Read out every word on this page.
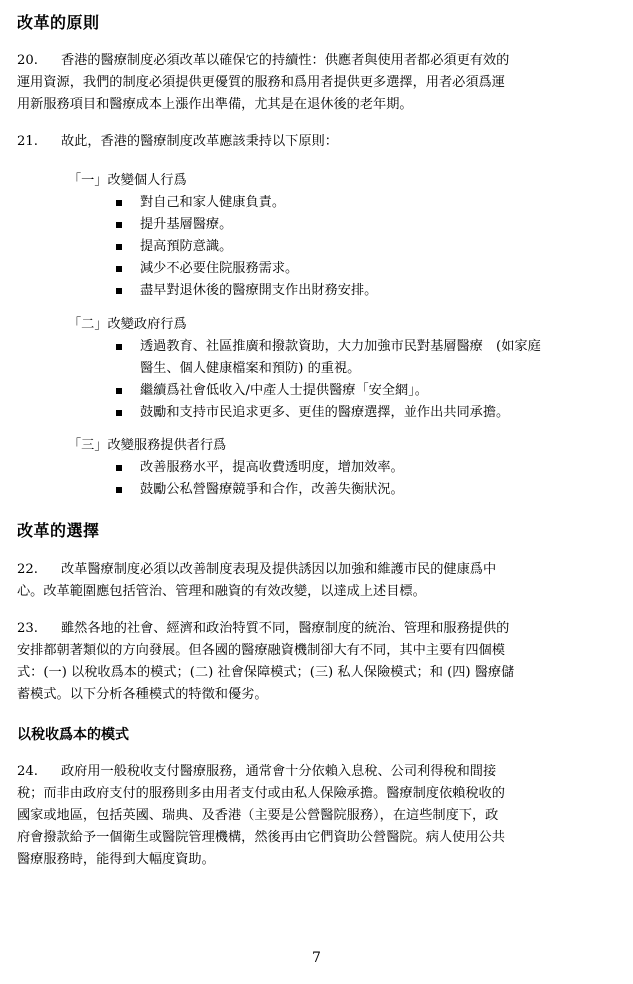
改革的原則
20. 香港的醫療制度必須改革以確保它的持續性：供應者與使用者都必須更有效的
運用資源，我們的制度必須提供更優質的服務和爲用者提供更多選擇，用者必須爲運
用新服務項目和醫療成本上漲作出準備，尤其是在退休後的老年期。
21. 故此，香港的醫療制度改革應該秉持以下原則：
「一」改變個人行爲
對自己和家人健康負責。
提升基層醫療。
提高預防意識。
減少不必要住院服務需求。
盡早對退休後的醫療開支作出財務安排。
「二」改變政府行爲
透過教育、社區推廣和撥款資助，大力加強市民對基層醫療　(如家庭
醫生、個人健康檔案和預防) 的重視。
繼續爲社會低收入/中產人士提供醫療「安全網」。
鼓勵和支持市民追求更多、更佳的醫療選擇，並作出共同承擔。
「三」改變服務提供者行爲
改善服務水平，提高收費透明度，增加效率。
鼓勵公私營醫療競爭和合作，改善失衡狀況。
改革的選擇
22. 改革醫療制度必須以改善制度表現及提供誘因以加強和維護市民的健康爲中
心。改革範圍應包括管治、管理和融資的有效改變，以達成上述目標。
23. 雖然各地的社會、經濟和政治特質不同，醫療制度的統治、管理和服務提供的
安排都朝著類似的方向發展。但各國的醫療融資機制卻大有不同，其中主要有四個模
式：(一) 以稅收爲本的模式；(二) 社會保障模式；(三) 私人保險模式；和 (四) 醫療儲
蓄模式。以下分析各種模式的特徵和優劣。
以稅收爲本的模式
24. 政府用一般稅收支付醫療服務，通常會十分依賴入息稅、公司利得稅和間接
稅；而非由政府支付的服務則多由用者支付或由私人保險承擔。醫療制度依賴稅收的
國家或地區，包括英國、瑞典、及香港（主要是公營醫院服務），在這些制度下，政
府會撥款給予一個衛生或醫院管理機構，然後再由它們資助公營醫院。病人使用公共
醫療服務時，能得到大幅度資助。
7
